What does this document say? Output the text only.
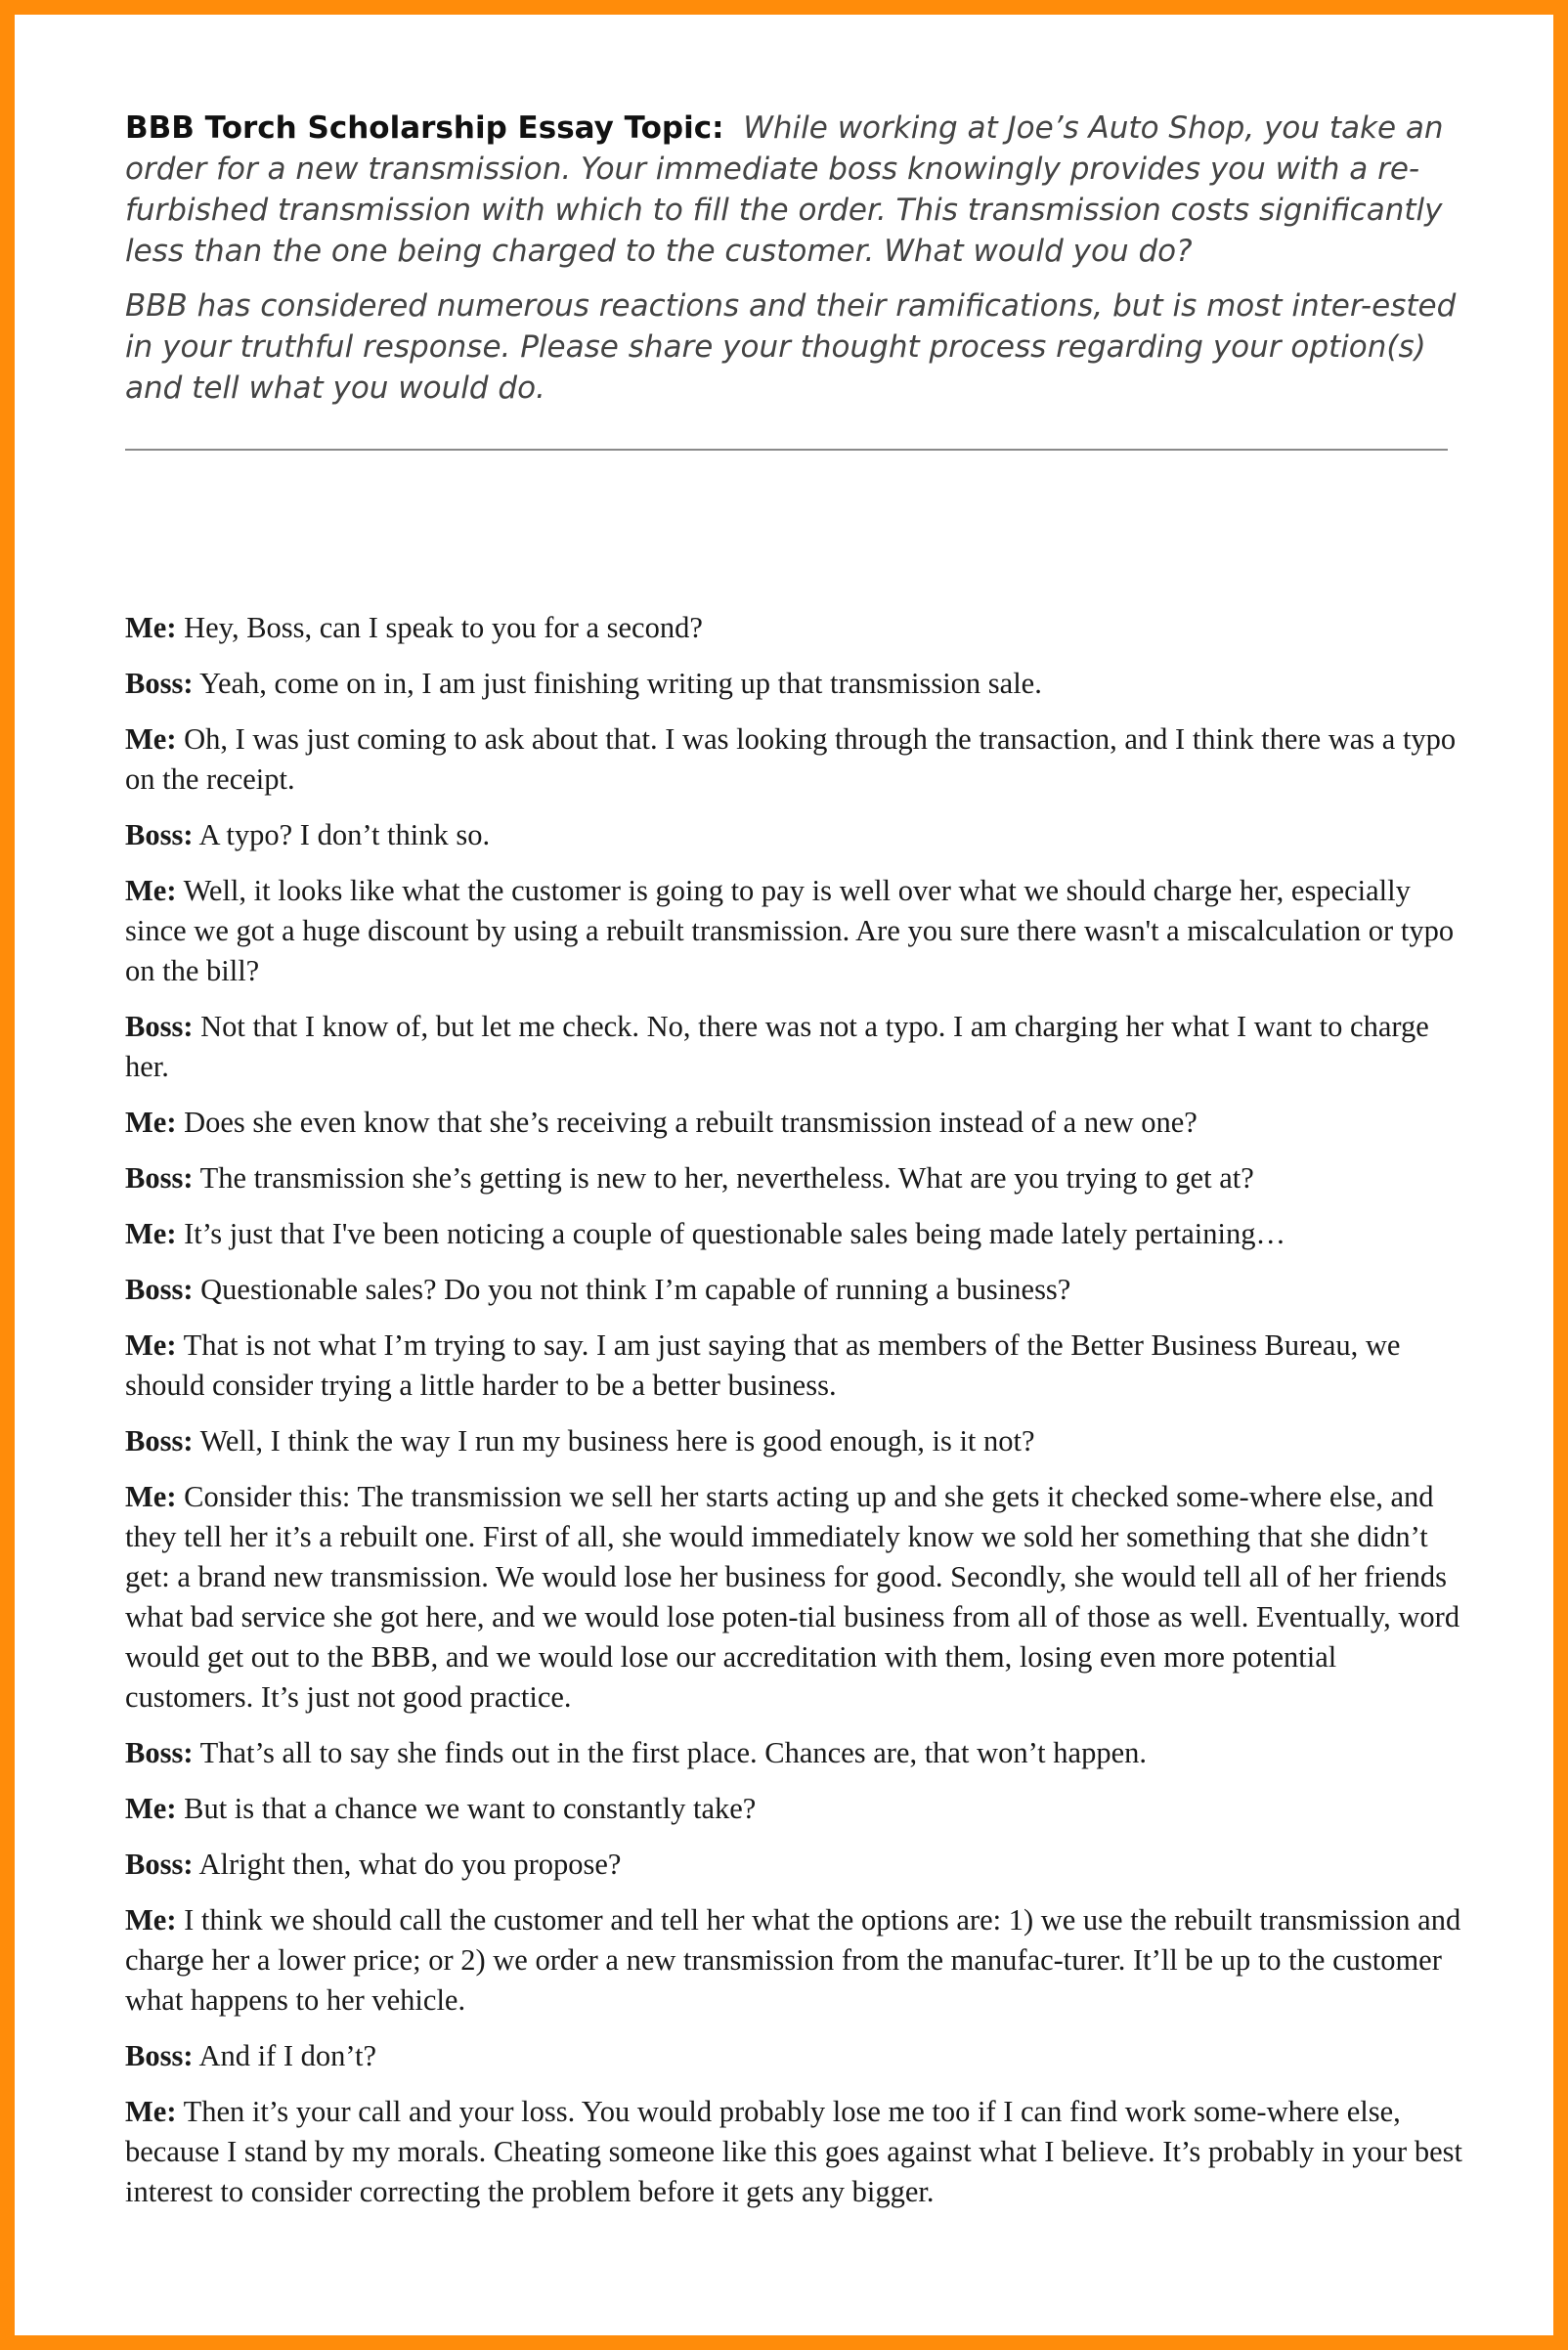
BBB Torch Scholarship Essay Topic: While working at Joe’s Auto Shop, you take an order for a new transmission. Your immediate boss knowingly provides you with a re-furbished transmission with which to fill the order. This transmission costs significantly less than the one being charged to the customer. What would you do?

BBB has considered numerous reactions and their ramifications, but is most inter-ested in your truthful response. Please share your thought process regarding your option(s) and tell what you would do.

Me: Hey, Boss, can I speak to you for a second?

Boss: Yeah, come on in, I am just finishing writing up that transmission sale.

Me: Oh, I was just coming to ask about that. I was looking through the transaction, and I think there was a typo on the receipt.

Boss: A typo? I don’t think so.

Me: Well, it looks like what the customer is going to pay is well over what we should charge her, especially since we got a huge discount by using a rebuilt transmission. Are you sure there wasn't a miscalculation or typo on the bill?

Boss: Not that I know of, but let me check. No, there was not a typo. I am charging her what I want to charge her.

Me: Does she even know that she’s receiving a rebuilt transmission instead of a new one?

Boss: The transmission she’s getting is new to her, nevertheless. What are you trying to get at?

Me: It’s just that I've been noticing a couple of questionable sales being made lately pertaining…

Boss: Questionable sales? Do you not think I’m capable of running a business?

Me: That is not what I’m trying to say. I am just saying that as members of the Better Business Bureau, we should consider trying a little harder to be a better business.

Boss: Well, I think the way I run my business here is good enough, is it not?

Me: Consider this: The transmission we sell her starts acting up and she gets it checked some-where else, and they tell her it’s a rebuilt one. First of all, she would immediately know we sold her something that she didn’t get: a brand new transmission. We would lose her business for good. Secondly, she would tell all of her friends what bad service she got here, and we would lose poten-tial business from all of those as well. Eventually, word would get out to the BBB, and we would lose our accreditation with them, losing even more potential customers. It’s just not good practice.

Boss: That’s all to say she finds out in the first place. Chances are, that won’t happen.

Me: But is that a chance we want to constantly take?

Boss: Alright then, what do you propose?

Me: I think we should call the customer and tell her what the options are: 1) we use the rebuilt transmission and charge her a lower price; or 2) we order a new transmission from the manufac-turer. It’ll be up to the customer what happens to her vehicle.

Boss: And if I don’t?

Me: Then it’s your call and your loss. You would probably lose me too if I can find work some-where else, because I stand by my morals. Cheating someone like this goes against what I believe. It’s probably in your best interest to consider correcting the problem before it gets any bigger.
